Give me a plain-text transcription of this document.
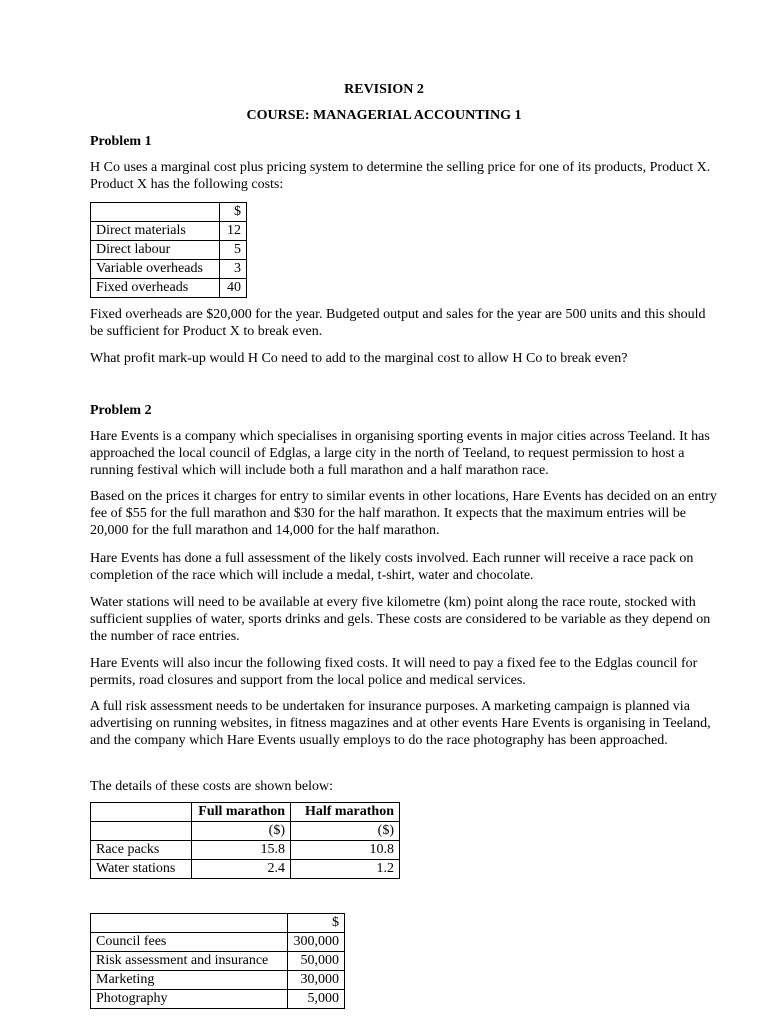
REVISION 2
COURSE: MANAGERIAL ACCOUNTING 1
Problem 1
H Co uses a marginal cost plus pricing system to determine the selling price for one of its products, Product X. Product X has the following costs:
	$
Direct materials	12
Direct labour	5
Variable overheads	3
Fixed overheads	40
Fixed overheads are $20,000 for the year. Budgeted output and sales for the year are 500 units and this should be sufficient for Product X to break even.
What profit mark-up would H Co need to add to the marginal cost to allow H Co to break even?
Problem 2
Hare Events is a company which specialises in organising sporting events in major cities across Teeland. It has approached the local council of Edglas, a large city in the north of Teeland, to request permission to host a running festival which will include both a full marathon and a half marathon race.
Based on the prices it charges for entry to similar events in other locations, Hare Events has decided on an entry fee of $55 for the full marathon and $30 for the half marathon. It expects that the maximum entries will be 20,000 for the full marathon and 14,000 for the half marathon.
Hare Events has done a full assessment of the likely costs involved. Each runner will receive a race pack on completion of the race which will include a medal, t-shirt, water and chocolate.
Water stations will need to be available at every five kilometre (km) point along the race route, stocked with sufficient supplies of water, sports drinks and gels. These costs are considered to be variable as they depend on the number of race entries.
Hare Events will also incur the following fixed costs. It will need to pay a fixed fee to the Edglas council for permits, road closures and support from the local police and medical services.
A full risk assessment needs to be undertaken for insurance purposes. A marketing campaign is planned via advertising on running websites, in fitness magazines and at other events Hare Events is organising in Teeland, and the company which Hare Events usually employs to do the race photography has been approached.
The details of these costs are shown below:
	Full marathon	Half marathon
	($)	($)
Race packs	15.8	10.8
Water stations	2.4	1.2
	$
Council fees	300,000
Risk assessment and insurance	50,000
Marketing	30,000
Photography	5,000
